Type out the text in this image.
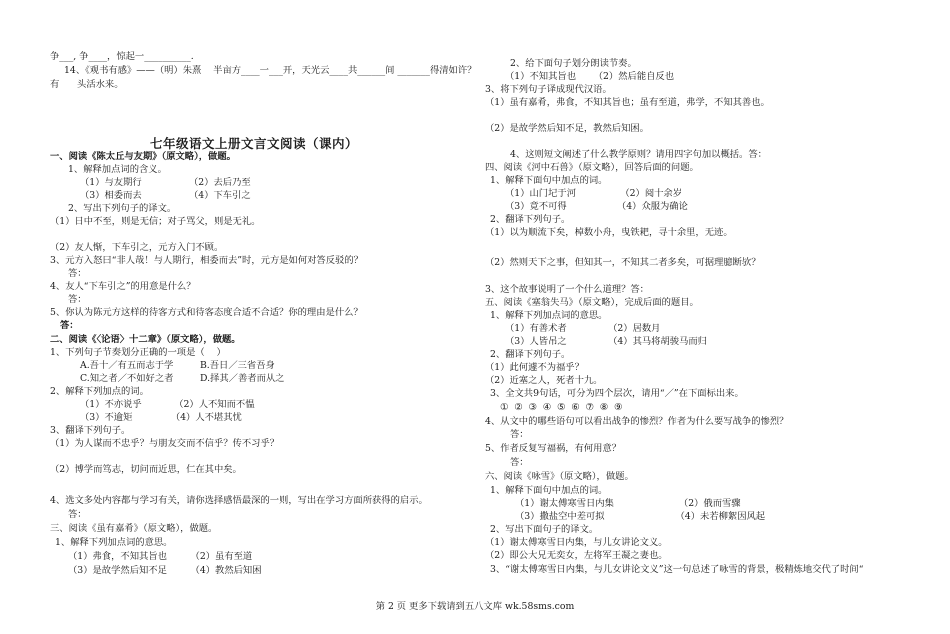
争___, 争____，惊起一__________.
14、《观书有感》——（明）朱熹    半亩方____一___开，天光云____共______间 _______得清如许？
有      头活水来。
七年级语文上册文言文阅读（课内）
一、阅读《陈太丘与友期》（原文略），做题。
1、解释加点词的含义。
（1）与友期行                （2）去后乃至
（3）相委而去                （4）下车引之
2、写出下列句子的译文。
（1）日中不至，则是无信；对子骂父，则是无礼。
（2）友人惭，下车引之，元方入门不顾。
3、元方入怒曰“非人哉！与人期行，相委而去”时，元方是如何对答反驳的？
答：
4、友人“下车引之”的用意是什么？
答：
5、你认为陈元方这样的待客方式和待客态度合适不合适？你的理由是什么？
答：
二、阅读《〈论语〉十二章》（原文略），做题。
1、下列句子节奏划分正确的一项是（    ）
A.吾十／有五而志于学         B.吾日／三省吾身
C.知之者／不如好之者         D.择其／善者而从之
2、解释下列加点的词。
（1）不亦说乎           （2）人不知而不愠
（3）不逾矩             （4）人不堪其忧
3、翻译下列句子。
（1）为人谋而不忠乎？与朋友交而不信乎？传不习乎？
（2）博学而笃志，切问而近思，仁在其中矣。
4、选文多处内容都与学习有关，请你选择感悟最深的一则，写出在学习方面所获得的启示。
答：
三、阅读《虽有嘉肴》（原文略），做题。
1、解释下列加点词的意思。
（1）弗食，不知其旨也        （2）虽有至道
（3）是故学然后知不足        （4）教然后知困
2、给下面句子划分朗读节奏。
（1）不知其旨也      （2）然后能自反也
3、将下列句子译成现代汉语。
（1）虽有嘉肴，弗食，不知其旨也；虽有至道，弗学，不知其善也。
（2）是故学然后知不足，教然后知困。
4、这则短文阐述了什么教学原则？请用四字句加以概括。答：
四、阅读《河中石兽》（原文略），回答后面的问题。
1、解释下面句中加点的词。
（1）山门圮于河               （2）阅十余岁
（3）竟不可得                 （4）众服为确论
2、翻译下列句子。
（1）以为顺流下矣，棹数小舟，曳铁耙，寻十余里，无迹。
（2）然则天下之事，但知其一，不知其二者多矣，可据理臆断欤？
3、这个故事说明了一个什么道理？答：
五、阅读《塞翁失马》（原文略），完成后面的题目。
1、解释下列加点词的意思。
（1）有善术者              （2）居数月
（3）人皆吊之              （4）其马将胡骏马而归
2、翻译下列句子。
（1）此何遽不为福乎？
（2）近塞之人，死者十九。
3、全文共9句话，可分为四个层次，请用“／”在下面标出来。
①  ②  ③  ④  ⑤  ⑥  ⑦  ⑧  ⑨
4、从文中的哪些语句可以看出战争的惨烈？作者为什么要写战争的惨烈？
答：
5、作者反复写福祸，有何用意？
答：
六、阅读《咏雪》（原文略），做题。
1、解释下面句中加点的词。
（1）谢太傅寒雪日内集                      （2）俄而雪骤
（3）撒盐空中差可拟                        （4）未若柳絮因风起
2、写出下面句子的译文。
（1）谢太傅寒雪日内集，与儿女讲论文义。
（2）即公大兄无奕女，左将军王凝之妻也。
3、“谢太傅寒雪日内集，与儿女讲论文义”这一句总述了咏雪的背景，极精炼地交代了时间“
第 2 页 更多下载请到五八文库 wk.58sms.com
